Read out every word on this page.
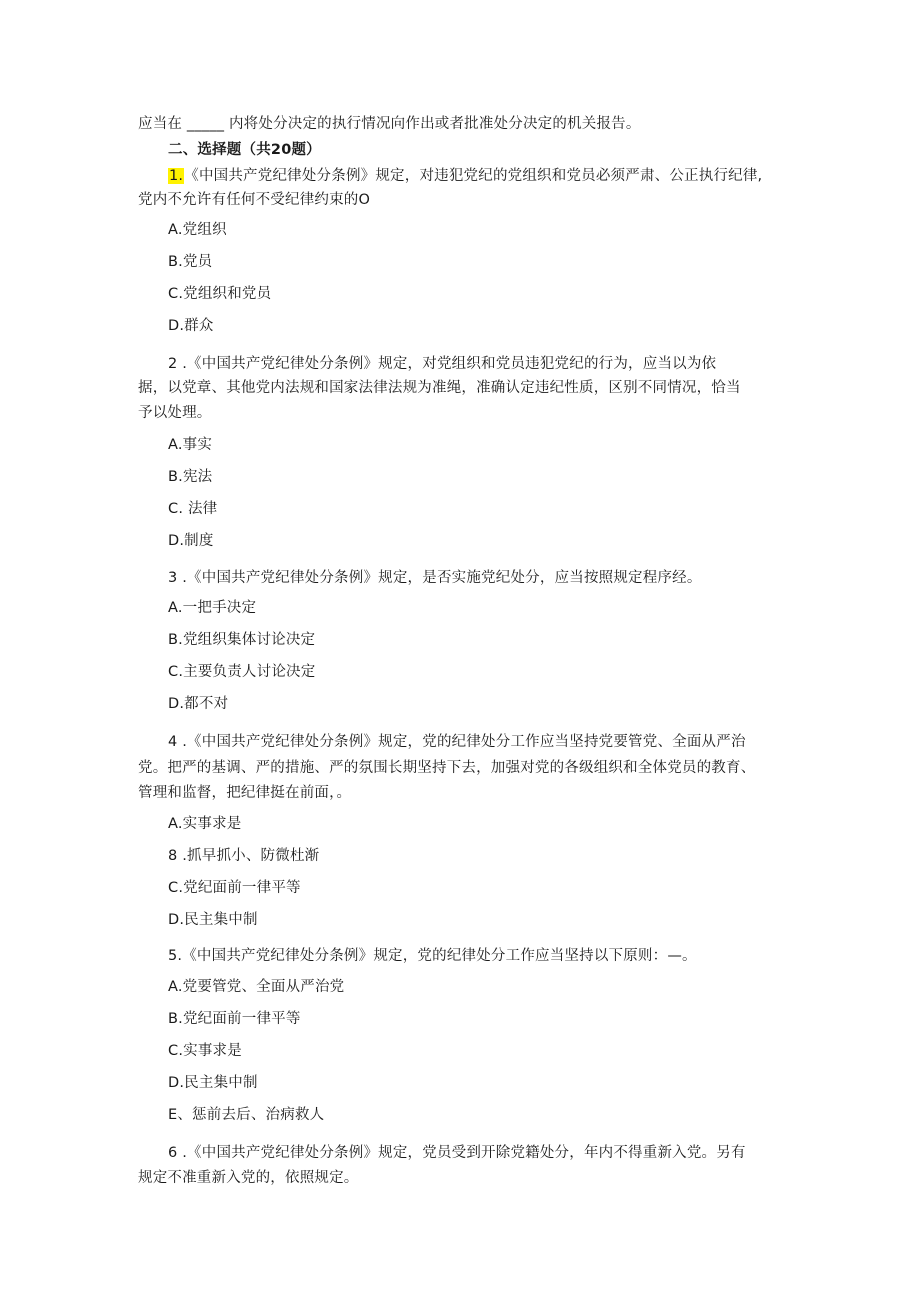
应当在 _____ 内将处分决定的执行情况向作出或者批准处分决定的机关报告。
二、选择题（共20题）
1.《中国共产党纪律处分条例》规定，对违犯党纪的党组织和党员必须严肃、公正执行纪律,
党内不允许有任何不受纪律约束的O
A.党组织
B.党员
C.党组织和党员
D.群众
2 .《中国共产党纪律处分条例》规定，对党组织和党员违犯党纪的行为，应当以为依
据，以党章、其他党内法规和国家法律法规为准绳，准确认定违纪性质，区别不同情况，恰当
予以处理。
A.事实
B.宪法
C. 法律
D.制度
3 .《中国共产党纪律处分条例》规定，是否实施党纪处分，应当按照规定程序经。
A.一把手决定
B.党组织集体讨论决定
C.主要负责人讨论决定
D.都不对
4 .《中国共产党纪律处分条例》规定，党的纪律处分工作应当坚持党要管党、全面从严治
党。把严的基调、严的措施、严的氛围长期坚持下去，加强对党的各级组织和全体党员的教育、
管理和监督，把纪律挺在前面，。
A.实事求是
8 .抓早抓小、防微杜渐
C.党纪面前一律平等
D.民主集中制
5.《中国共产党纪律处分条例》规定，党的纪律处分工作应当坚持以下原则：—。
A.党要管党、全面从严治党
B.党纪面前一律平等
C.实事求是
D.民主集中制
E、惩前去后、治病救人
6 .《中国共产党纪律处分条例》规定，党员受到开除党籍处分，年内不得重新入党。另有
规定不准重新入党的，依照规定。
